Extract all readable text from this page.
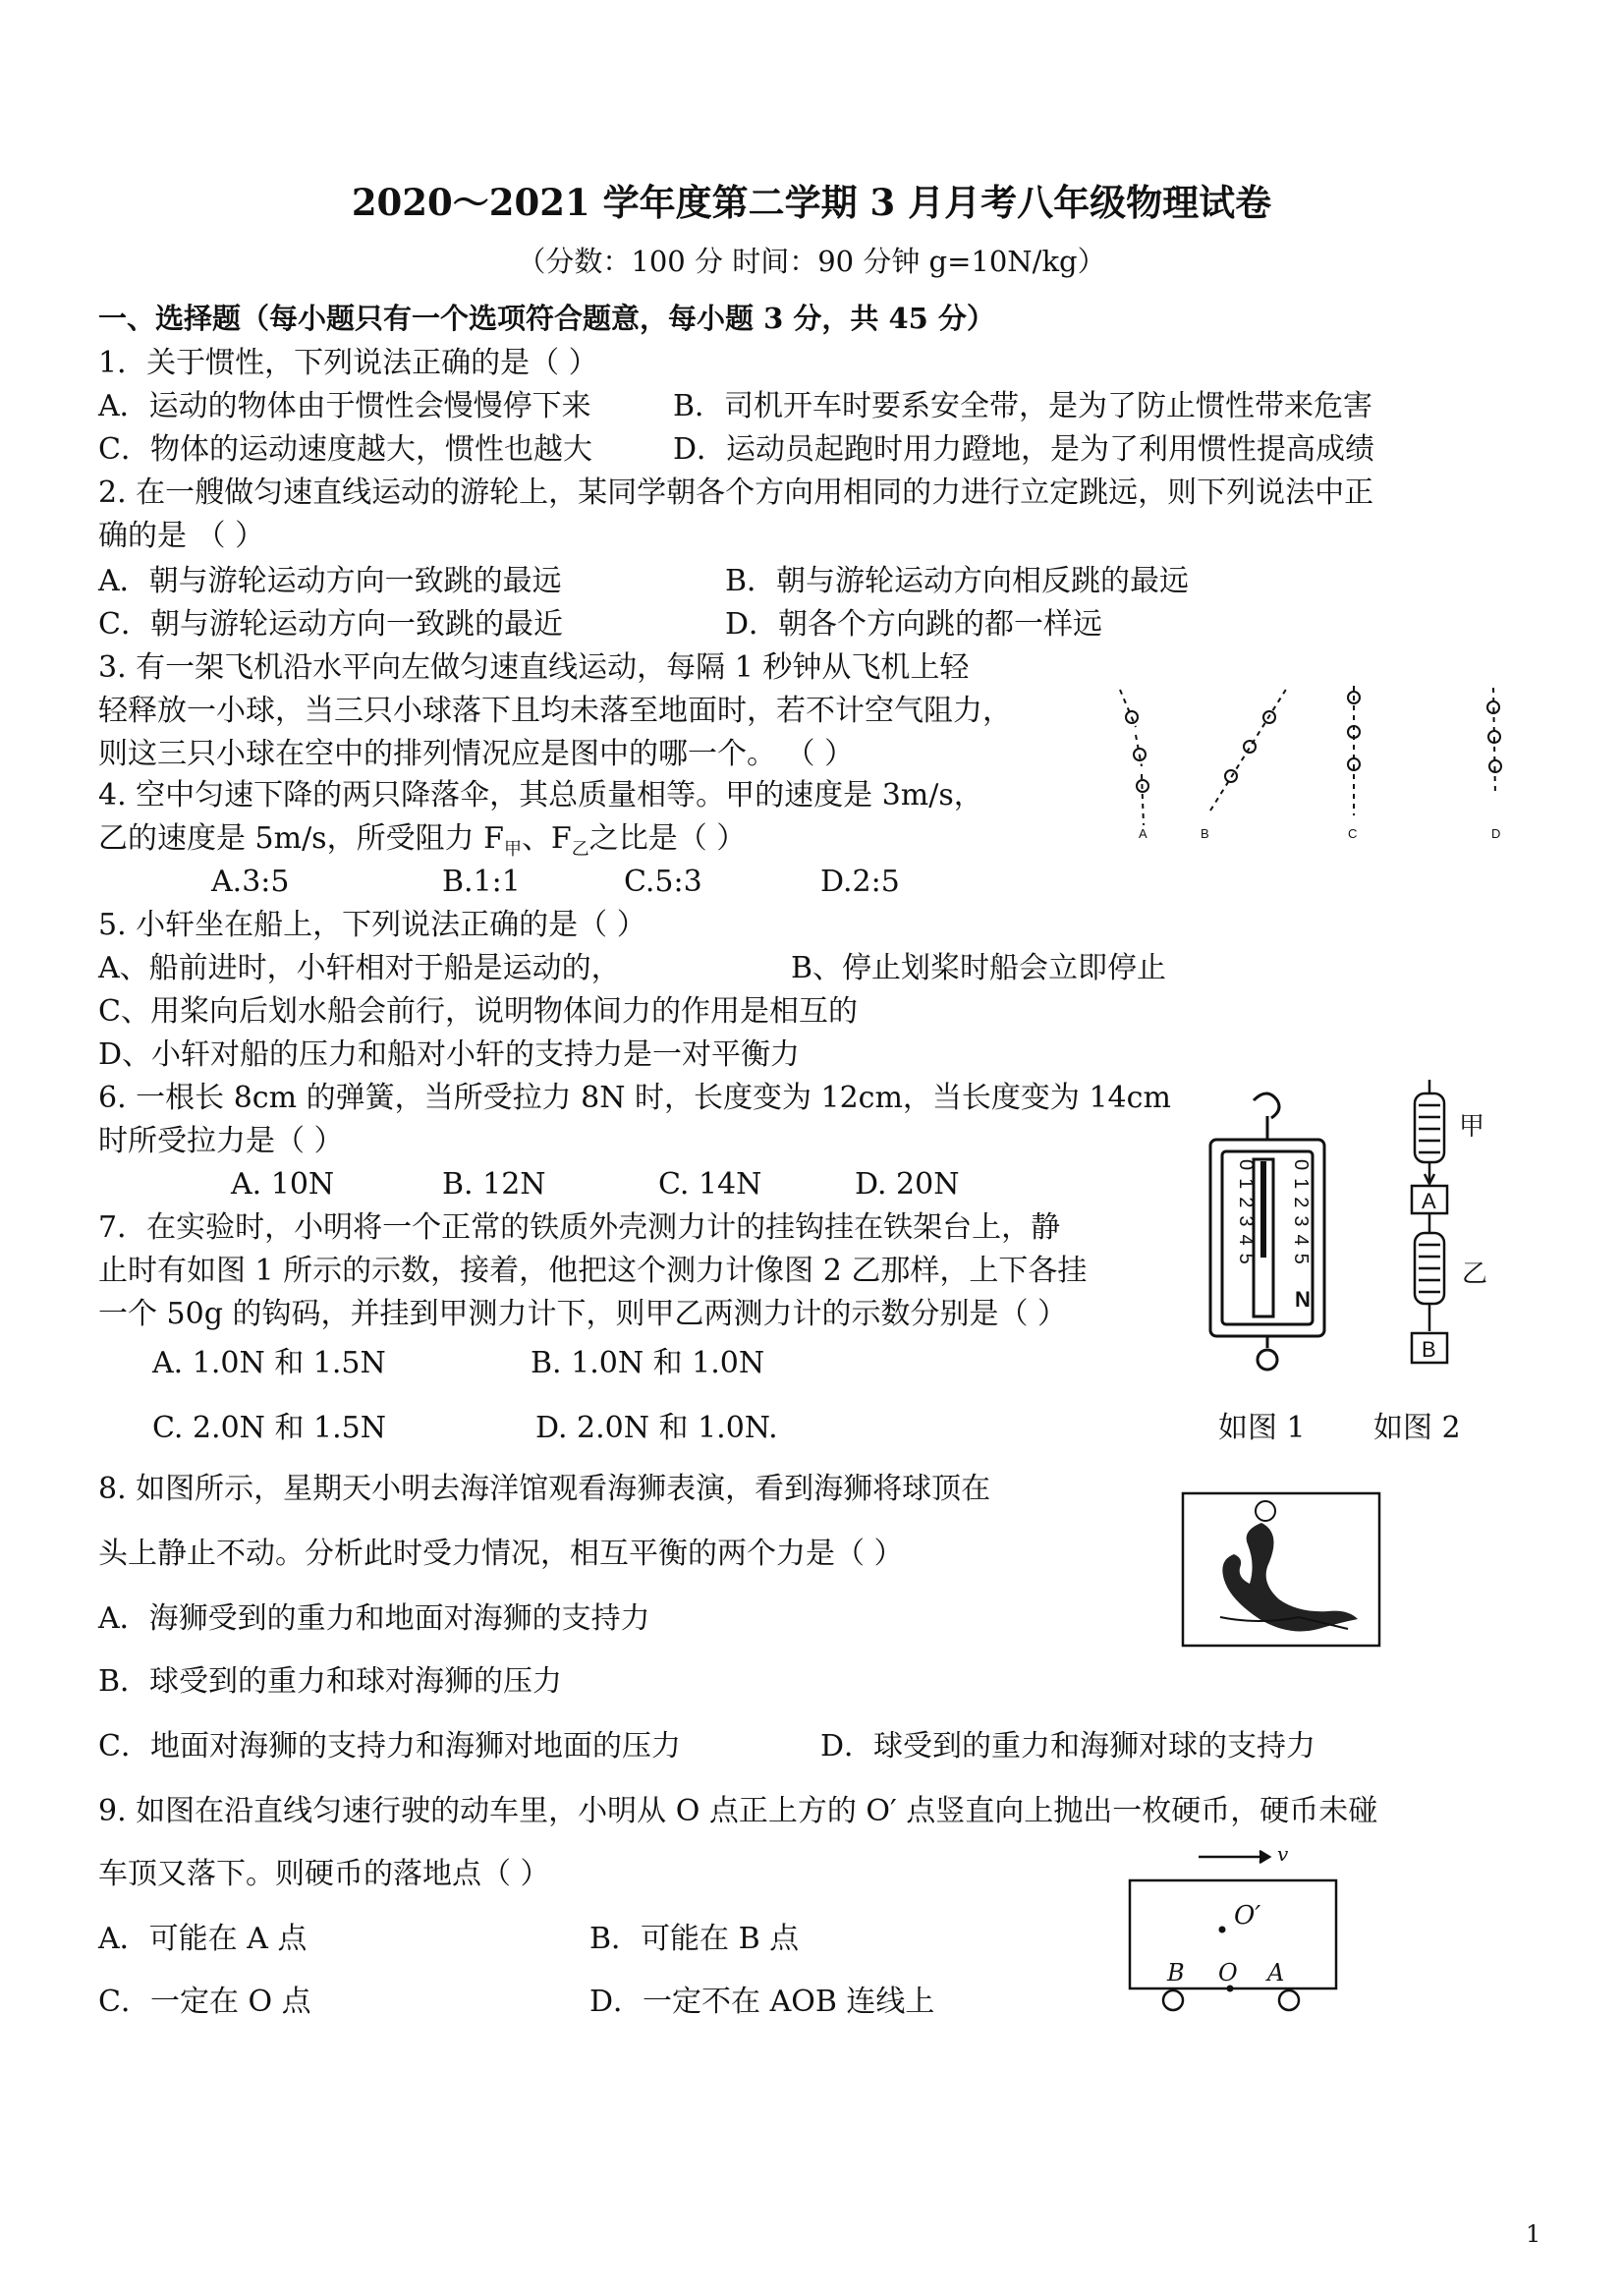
2020～2021 学年度第二学期 3 月月考八年级物理试卷
（分数：100 分 时间：90 分钟 g=10N/kg）
一、选择题（每小题只有一个选项符合题意，每小题 3 分，共 45 分）
1．关于惯性，下列说法正确的是（ ）
A．运动的物体由于惯性会慢慢停下来	B．司机开车时要系安全带，是为了防止惯性带来危害
C．物体的运动速度越大，惯性也越大	D．运动员起跑时用力蹬地，是为了利用惯性提高成绩
2. 在一艘做匀速直线运动的游轮上，某同学朝各个方向用相同的力进行立定跳远，则下列说法中正
确的是 （ ）
A．朝与游轮运动方向一致跳的最远	B．朝与游轮运动方向相反跳的最远
C．朝与游轮运动方向一致跳的最近	D．朝各个方向跳的都一样远
3. 有一架飞机沿水平向左做匀速直线运动，每隔 1 秒钟从飞机上轻
轻释放一小球，当三只小球落下且均未落至地面时，若不计空气阻力，
则这三只小球在空中的排列情况应是图中的哪一个。 （ ）
A	B	C	D
4. 空中匀速下降的两只降落伞，其总质量相等。甲的速度是 3m/s，
乙的速度是 5m/s，所受阻力 $F_甲$、$F_乙$之比是（ ）
A.3:5	B.1:1	C.5:3	D.2:5
5. 小轩坐在船上，下列说法正确的是（ ）
A、船前进时，小轩相对于船是运动的，	B、停止划桨时船会立即停止
C、用桨向后划水船会前行，说明物体间力的作用是相互的
D、小轩对船的压力和船对小轩的支持力是一对平衡力
6. 一根长 8cm 的弹簧，当所受拉力 8N 时，长度变为 12cm，当长度变为 14cm
时所受拉力是（ ）
A. 10N	B. 12N	C. 14N	D. 20N
7．在实验时，小明将一个正常的铁质外壳测力计的挂钩挂在铁架台上，静
止时有如图 1 所示的示数，接着，他把这个测力计像图 2 乙那样，上下各挂
一个 50g 的钩码，并挂到甲测力计下，则甲乙两测力计的示数分别是（ ）
A. 1.0N 和 1.5N	B. 1.0N 和 1.0N
C. 2.0N 和 1.5N	D. 2.0N 和 1.0N.	如图 1 如图 2
N
012345 012345
甲
乙
A
B
8. 如图所示，星期天小明去海洋馆观看海狮表演，看到海狮将球顶在
头上静止不动。分析此时受力情况，相互平衡的两个力是（ ）
A．海狮受到的重力和地面对海狮的支持力
B．球受到的重力和球对海狮的压力
C．地面对海狮的支持力和海狮对地面的压力	D．球受到的重力和海狮对球的支持力
9. 如图在沿直线匀速行驶的动车里，小明从 O 点正上方的 O′ 点竖直向上抛出一枚硬币，硬币未碰
车顶又落下。则硬币的落地点（ ）
A．可能在 A 点	B．可能在 B 点
C．一定在 O 点	D．一定不在 AOB 连线上
v
O′
B O A
1
